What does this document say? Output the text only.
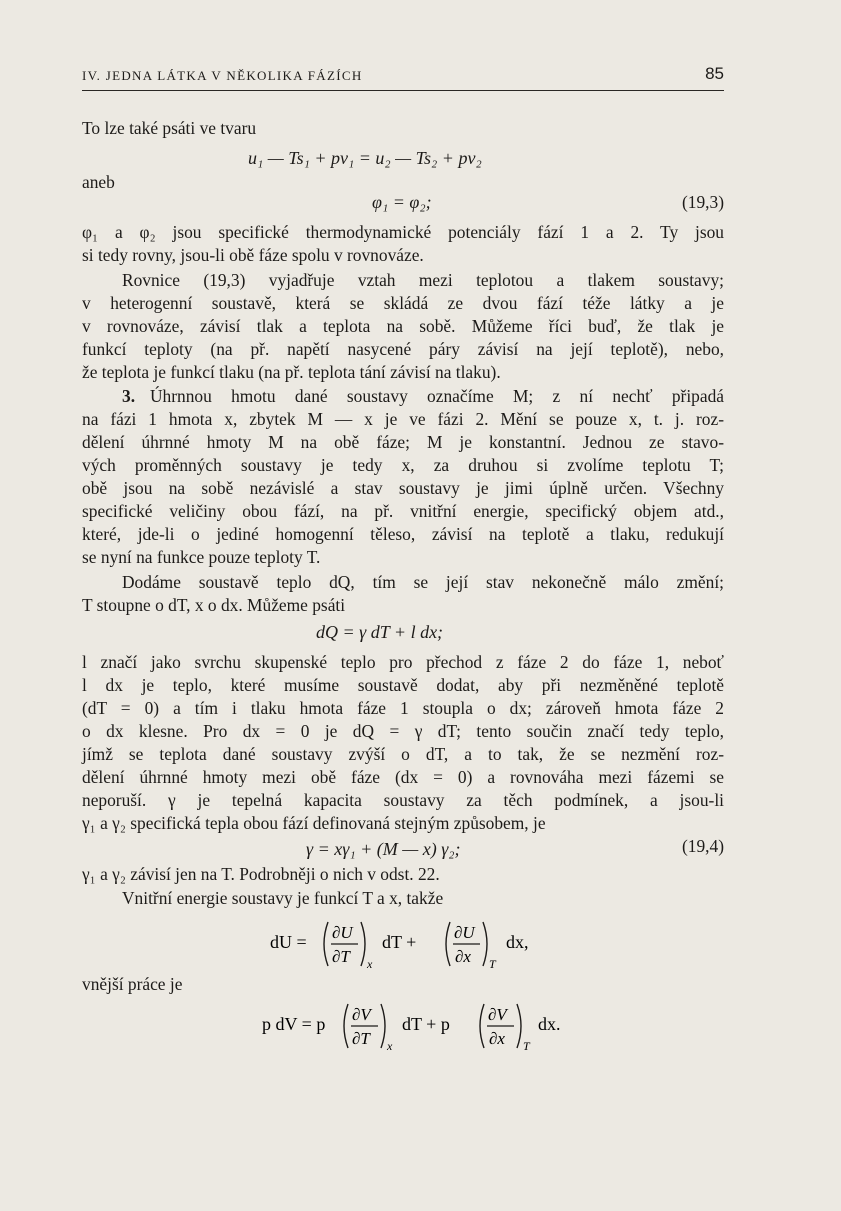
IV. JEDNA LÁTKA V NĚKOLIKA FÁZÍCH	85
To lze také psáti ve tvaru
u₁ — Ts₁ + pv₁ = u₂ — Ts₂ + pv₂
aneb
φ₁ = φ₂;	(19,3)
φ₁ a φ₂ jsou specifické thermodynamické potenciály fází 1 a 2. Ty jsou
si tedy rovny, jsou-li obě fáze spolu v rovnováze.
Rovnice (19,3) vyjadřuje vztah mezi teplotou a tlakem soustavy;
v heterogenní soustavě, která se skládá ze dvou fází téže látky a je
v rovnováze, závisí tlak a teplota na sobě. Můžeme říci buď, že tlak je
funkcí teploty (na př. napětí nasycené páry závisí na její teplotě), nebo,
že teplota je funkcí tlaku (na př. teplota tání závisí na tlaku).
3. Úhrnnou hmotu dané soustavy označíme M; z ní nechť připadá
na fázi 1 hmota x, zbytek M — x je ve fázi 2. Mění se pouze x, t. j. roz-
dělení úhrnné hmoty M na obě fáze; M je konstantní. Jednou ze stavo-
vých proměnných soustavy je tedy x, za druhou si zvolíme teplotu T;
obě jsou na sobě nezávislé a stav soustavy je jimi úplně určen. Všechny
specifické veličiny obou fází, na př. vnitřní energie, specifický objem atd.,
které, jde-li o jediné homogenní těleso, závisí na teplotě a tlaku, redukují
se nyní na funkce pouze teploty T.
Dodáme soustavě teplo dQ, tím se její stav nekonečně málo změní;
T stoupne o dT, x o dx. Můžeme psáti
dQ = γ dT + l dx;
l značí jako svrchu skupenské teplo pro přechod z fáze 2 do fáze 1, neboť
l dx je teplo, které musíme soustavě dodat, aby při nezměněné teplotě
(dT = 0) a tím i tlaku hmota fáze 1 stoupla o dx; zároveň hmota fáze 2
o dx klesne. Pro dx = 0 je dQ = γ dT; tento součin značí tedy teplo,
jímž se teplota dané soustavy zvýší o dT, a to tak, že se nezmění roz-
dělení úhrnné hmoty mezi obě fáze (dx = 0) a rovnováha mezi fázemi se
neporuší. γ je tepelná kapacita soustavy za těch podmínek, a jsou-li
γ₁ a γ₂ specifická tepla obou fází definovaná stejným způsobem, je
γ = xγ₁ + (M — x) γ₂;	(19,4)
γ₁ a γ₂ závisí jen na T. Podrobněji o nich v odst. 22.
Vnitřní energie soustavy je funkcí T a x, takže
dU = ∂U
∂T x
dT + ∂U
∂x T
dx,
vnější práce je
p dV = p ∂V
∂T x
dT + p ∂V
∂x T
dx.
